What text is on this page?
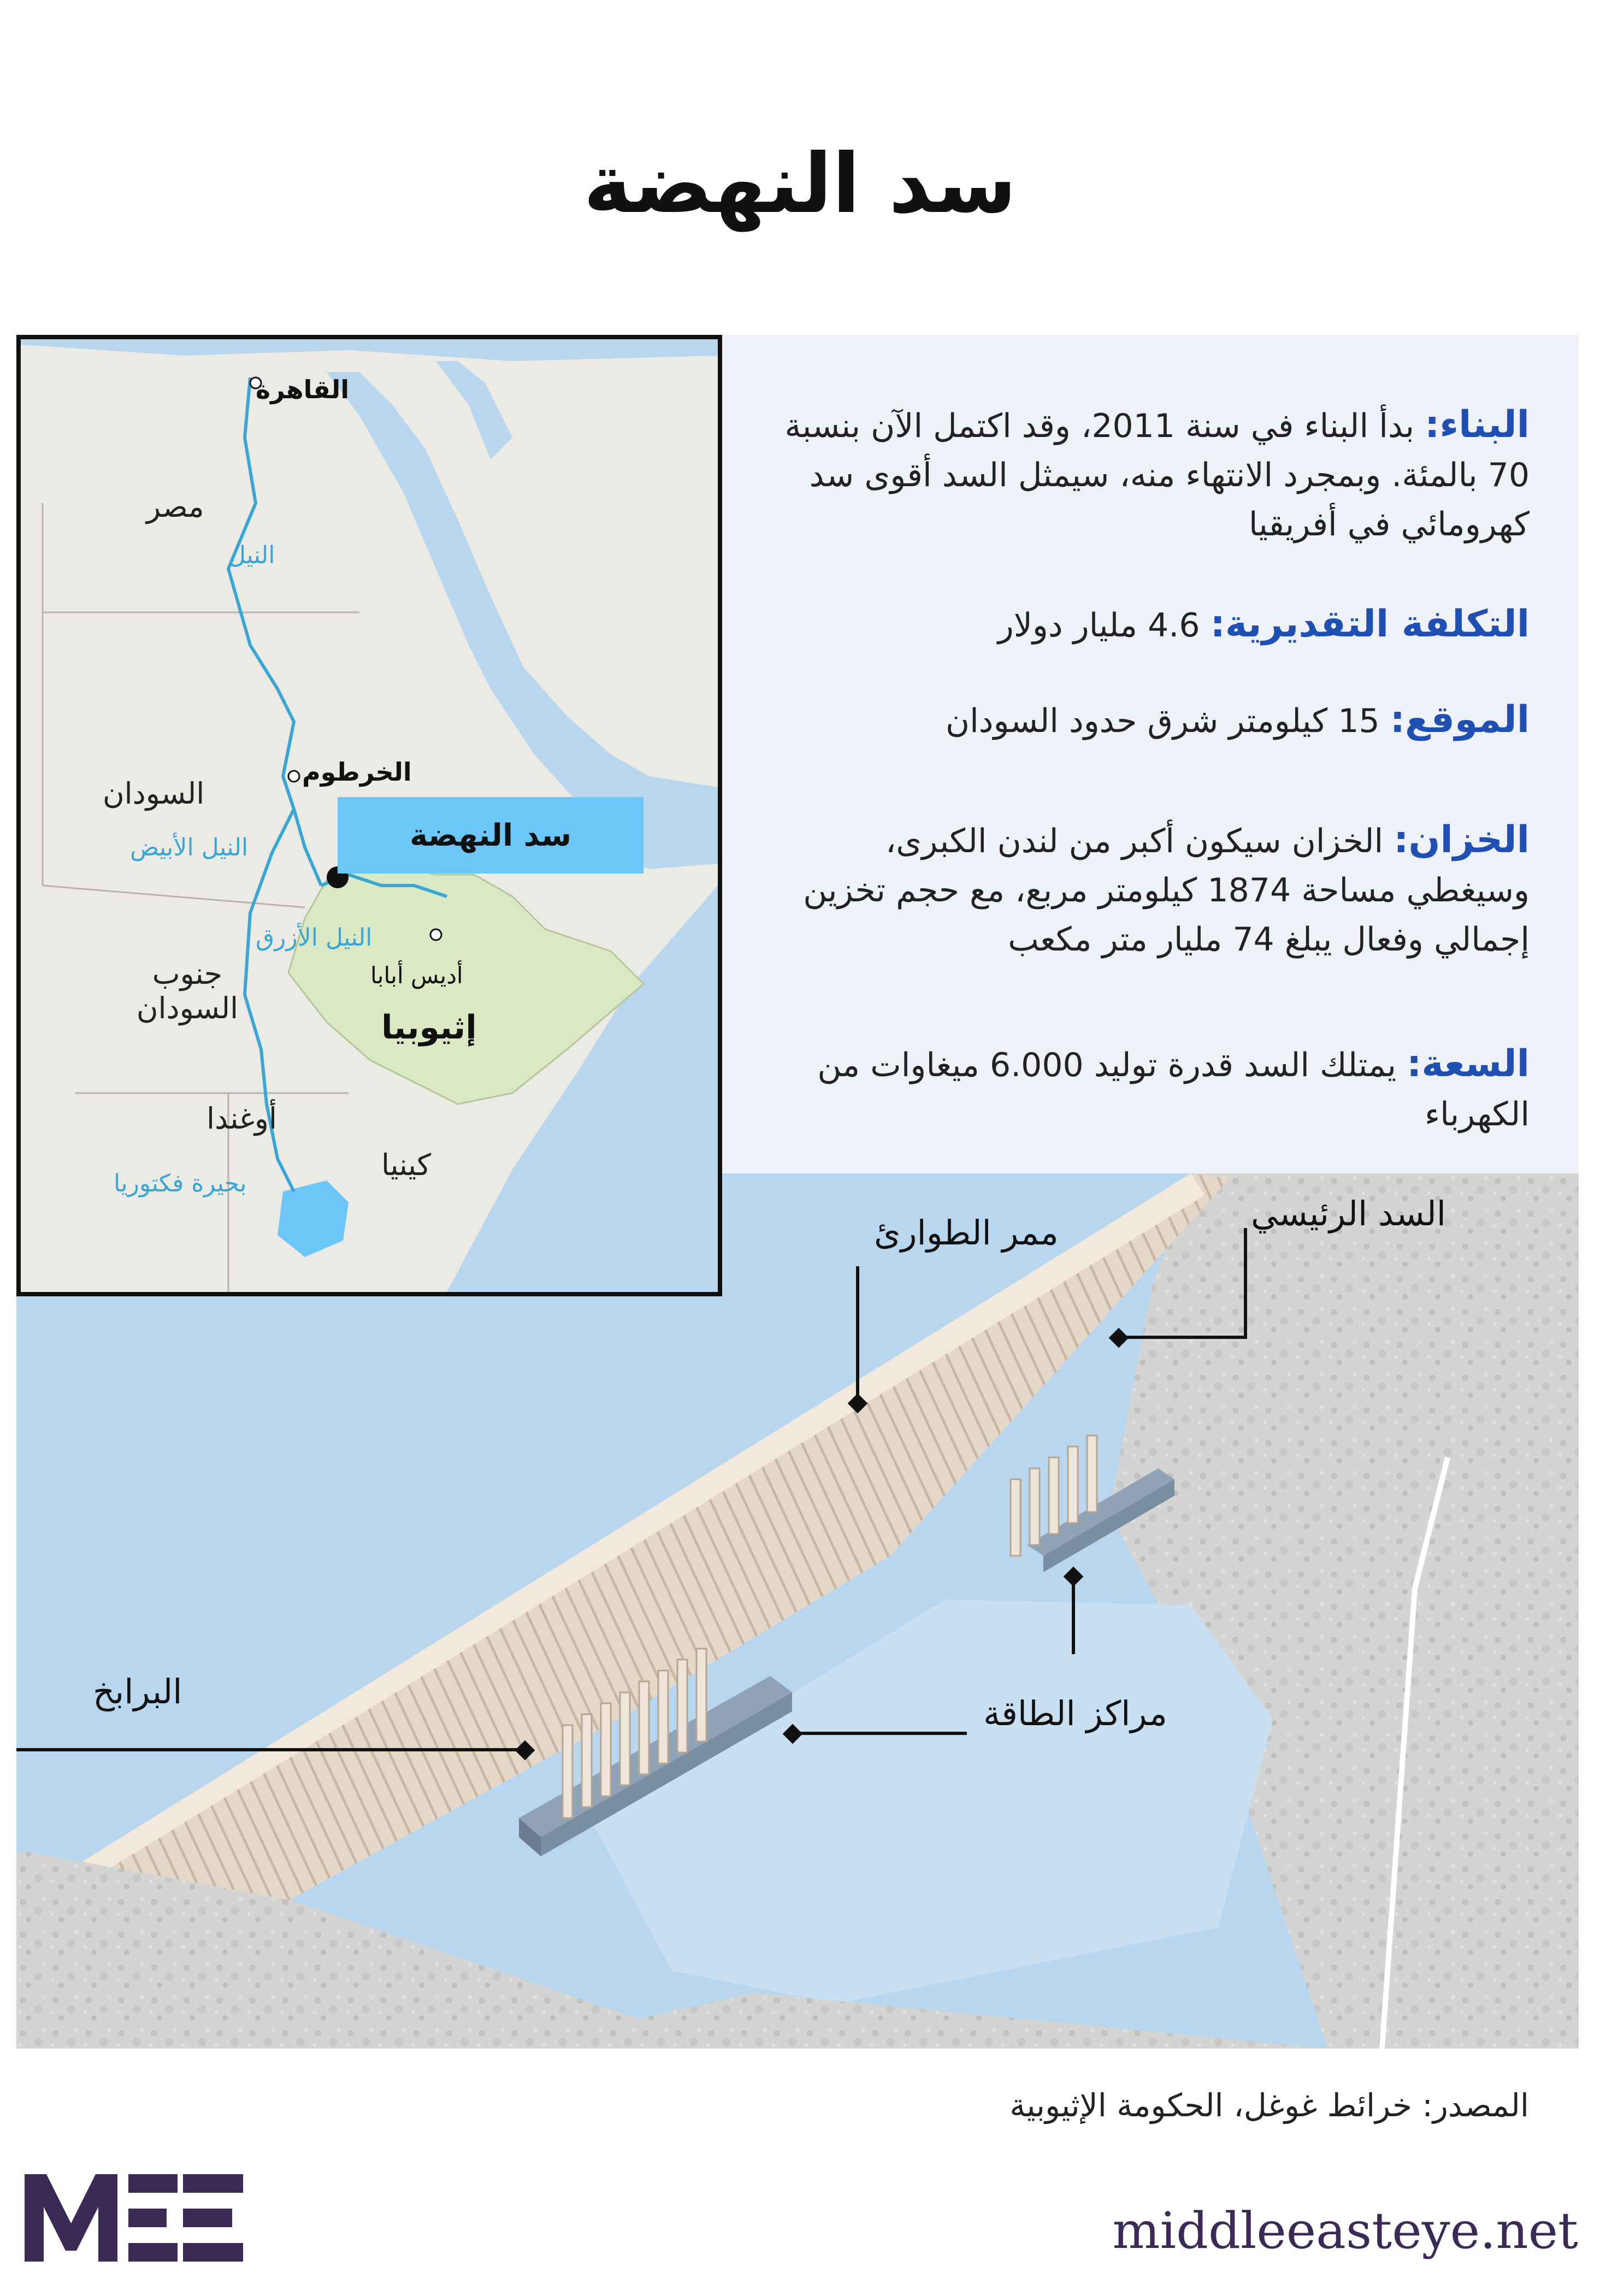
سد النهضة
البناء: بدأ البناء في سنة 2011، وقد اكتمل الآن بنسبة 70 بالمئة. وبمجرد الانتهاء منه، سيمثل السد أقوى سد كهرومائي في أفريقيا
التكلفة التقديرية: 4.6 مليار دولار
الموقع: 15 كيلومتر شرق حدود السودان
الخزان: الخزان سيكون أكبر من لندن الكبرى، وسيغطي مساحة 1874 كيلومتر مربع، مع حجم تخزين إجمالي وفعال يبلغ 74 مليار متر مكعب
السعة: يمتلك السد قدرة توليد 6.000 ميغاوات من الكهرباء
السد الرئيسي
ممر الطوارئ
البرابخ
مراكز الطاقة
القاهرة
مصر
النيل
الخرطوم
السودان
النيل الأبيض
النيل الأزرق
جنوب السودان
أديس أبابا
إثيوبيا
أوغندا
كينيا
بحيرة فكتوريا
سد النهضة
المصدر: خرائط غوغل، الحكومة الإثيوبية
middleeasteye.net
